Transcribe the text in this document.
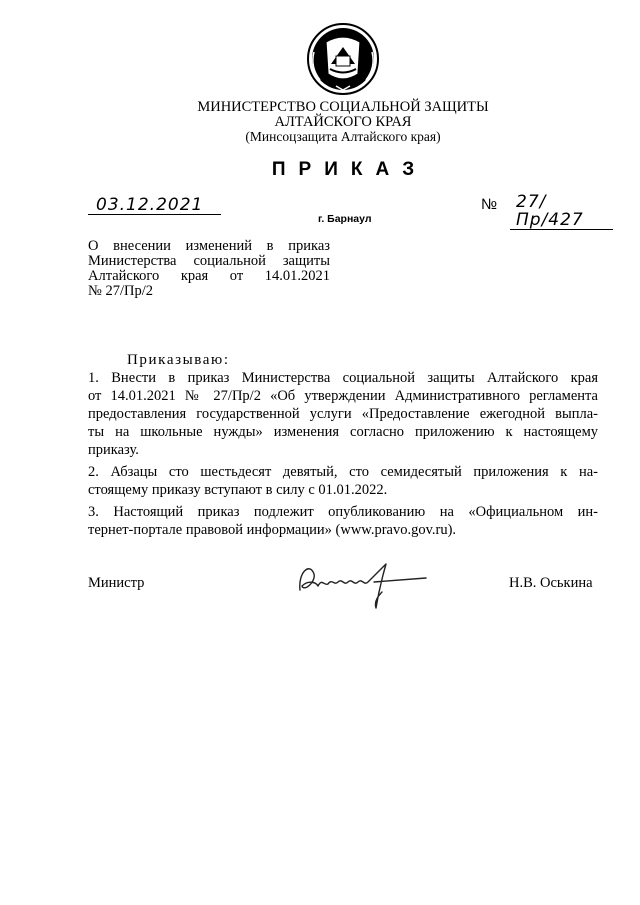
МИНИСТЕРСТВО СОЦИАЛЬНОЙ ЗАЩИТЫ
АЛТАЙСКОГО КРАЯ
(Минсоцзащита Алтайского края)
ПРИКАЗ
03.12.2021
г. Барнаул
№	27/Пр/427
О внесении изменений в приказ
Министерства социальной защиты
Алтайского края от 14.01.2021
№ 27/Пр/2
Приказываю:
1. Внести в приказ Министерства социальной защиты Алтайского края
от 14.01.2021 № 27/Пр/2 «Об утверждении Административного регламента
предоставления государственной услуги «Предоставление ежегодной выпла-
ты на школьные нужды» изменения согласно приложению к настоящему
приказу.
2. Абзацы сто шестьдесят девятый, сто семидесятый приложения к на-
стоящему приказу вступают в силу с 01.01.2022.
3. Настоящий приказ подлежит опубликованию на «Официальном ин-
тернет-портале правовой информации» (www.pravo.gov.ru).
Министр	Н.В. Оськина
